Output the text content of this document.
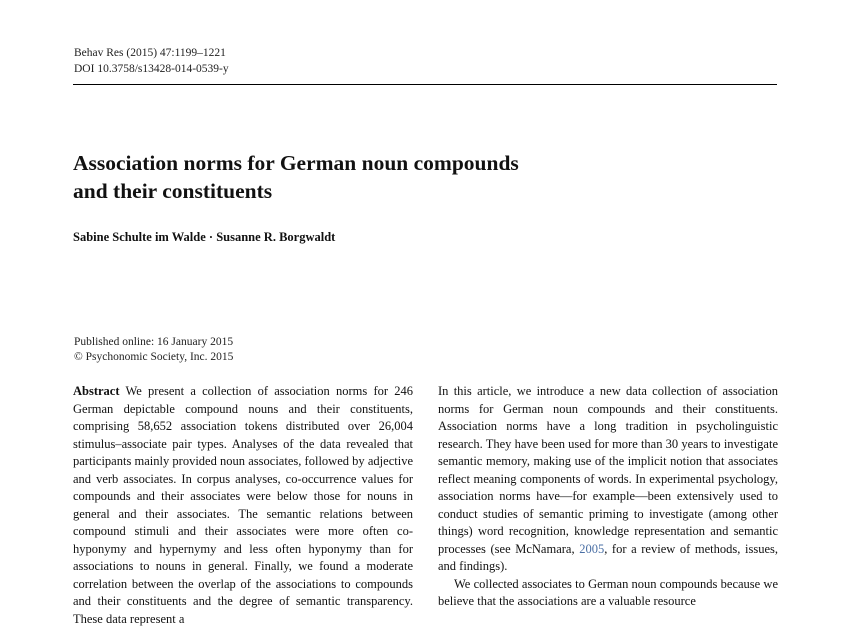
Behav Res (2015) 47:1199–1221
DOI 10.3758/s13428-014-0539-y
Association norms for German noun compounds
and their constituents
Sabine Schulte im Walde · Susanne R. Borgwaldt
Published online: 16 January 2015
© Psychonomic Society, Inc. 2015

Abstract We present a collection of association norms for 246 German depictable compound nouns and their constituents, comprising 58,652 association tokens distributed over 26,004 stimulus–associate pair types. Analyses of the data revealed that participants mainly provided noun associates, followed by adjective and verb associates. In corpus analyses, co-occurrence values for compounds and their associates were below those for nouns in general and their associates. The semantic relations between compound stimuli and their associates were more often co-hyponymy and hypernymy and less often hyponymy than for associations to nouns in general. Finally, we found a moderate correlation between the overlap of the associations to compounds and their constituents and the degree of semantic transparency. These data represent a

In this article, we introduce a new data collection of association norms for German noun compounds and their constituents. Association norms have a long tradition in psycholinguistic research. They have been used for more than 30 years to investigate semantic memory, making use of the implicit notion that associates reflect meaning components of words. In experimental psychology, association norms have—for example—been extensively used to conduct studies of semantic priming to investigate (among other things) word recognition, knowledge representation and semantic processes (see McNamara, 2005, for a review of methods, issues, and findings).

We collected associates to German noun compounds because we believe that the associations are a valuable resource
